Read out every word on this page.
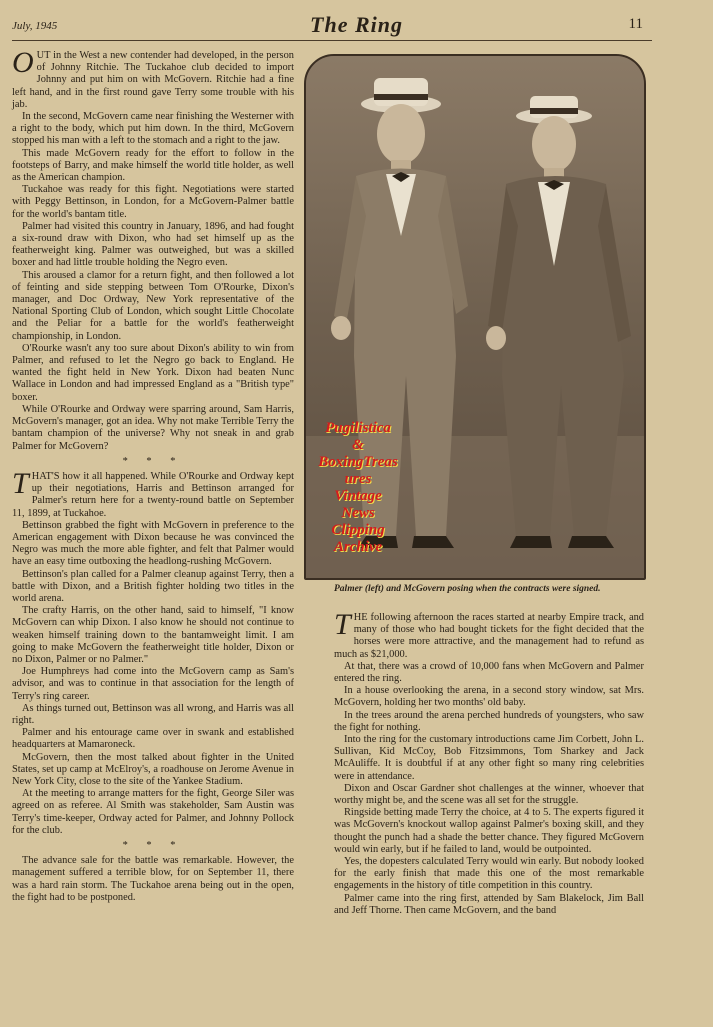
July, 1945	The Ring	11

OUT in the West a new contender had developed, in the person of Johnny Ritchie. The Tuckahoe club decided to import Johnny and put him on with McGovern. Ritchie had a fine left hand, and in the first round gave Terry some trouble with his jab.

In the second, McGovern came near finishing the Westerner with a right to the body, which put him down. In the third, McGovern stopped his man with a left to the stomach and a right to the jaw.

This made McGovern ready for the effort to follow in the footsteps of Barry, and make himself the world title holder, as well as the American champion.

Tuckahoe was ready for this fight. Negotiations were started with Peggy Bettinson, in London, for a McGovern-Palmer battle for the world's bantam title.

Palmer had visited this country in January, 1896, and had fought a six-round draw with Dixon, who had set himself up as the featherweight king. Palmer was outweighed, but was a skilled boxer and had little trouble holding the Negro even.

This aroused a clamor for a return fight, and then followed a lot of feinting and side stepping between Tom O'Rourke, Dixon's manager, and Doc Ordway, New York representative of the National Sporting Club of London, which sought Little Chocolate and the Peliar for a battle for the world's featherweight championship, in London.

O'Rourke wasn't any too sure about Dixon's ability to win from Palmer, and refused to let the Negro go back to England. He wanted the fight held in New York. Dixon had beaten Nunc Wallace in London and had impressed England as a "British type" boxer.

While O'Rourke and Ordway were sparring around, Sam Harris, McGovern's manager, got an idea. Why not make Terrible Terry the bantam champion of the universe? Why not sneak in and grab Palmer for McGovern?

* * *

THAT'S how it all happened. While O'Rourke and Ordway kept up their negotiations, Harris and Bettinson arranged for Palmer's return here for a twenty-round battle on September 11, 1899, at Tuckahoe.

Bettinson grabbed the fight with McGovern in preference to the American engagement with Dixon because he was convinced the Negro was much the more able fighter, and felt that Palmer would have an easy time outboxing the headlong-rushing McGovern.

Bettinson's plan called for a Palmer cleanup against Terry, then a battle with Dixon, and a British fighter holding two titles in the world arena.

The crafty Harris, on the other hand, said to himself, "I know McGovern can whip Dixon. I also know he should not continue to weaken himself training down to the bantamweight limit. I am going to make McGovern the featherweight title holder, Dixon or no Dixon, Palmer or no Palmer."

Joe Humphreys had come into the McGovern camp as Sam's advisor, and was to continue in that association for the length of Terry's ring career.

As things turned out, Bettinson was all wrong, and Harris was all right.

Palmer and his entourage came over in swank and established headquarters at Mamaroneck.

McGovern, then the most talked about fighter in the United States, set up camp at McElroy's, a roadhouse on Jerome Avenue in New York City, close to the site of the Yankee Stadium.

At the meeting to arrange matters for the fight, George Siler was agreed on as referee. Al Smith was stakeholder, Sam Austin was Terry's time-keeper, Ordway acted for Palmer, and Johnny Pollock for the club.

* * *

The advance sale for the battle was remarkable. However, the management suffered a terrible blow, for on September 11, there was a hard rain storm. The Tuckahoe arena being out in the open, the fight had to be postponed.

Palmer (left) and McGovern posing when the contracts were signed.
Pugilistica
&
BoxingTreas
ures
Vintage
News
Clipping
Archive

THE following afternoon the races started at nearby Empire track, and many of those who had bought tickets for the fight decided that the horses were more attractive, and the management had to refund as much as $21,000.

At that, there was a crowd of 10,000 fans when McGovern and Palmer entered the ring.

In a house overlooking the arena, in a second story window, sat Mrs. McGovern, holding her two months' old baby.

In the trees around the arena perched hundreds of youngsters, who saw the fight for nothing.

Into the ring for the customary introductions came Jim Corbett, John L. Sullivan, Kid McCoy, Bob Fitzsimmons, Tom Sharkey and Jack McAuliffe. It is doubtful if at any other fight so many ring celebrities were in attendance.

Dixon and Oscar Gardner shot challenges at the winner, whoever that worthy might be, and the scene was all set for the struggle.

Ringside betting made Terry the choice, at 4 to 5. The experts figured it was McGovern's knockout wallop against Palmer's boxing skill, and they thought the punch had a shade the better chance. They figured McGovern would win early, but if he failed to land, would be outpointed.

Yes, the dopesters calculated Terry would win early. But nobody looked for the early finish that made this one of the most remarkable engagements in the history of title competition in this country.

Palmer came into the ring first, attended by Sam Blakelock, Jim Ball and Jeff Thorne. Then came McGovern, and the band
